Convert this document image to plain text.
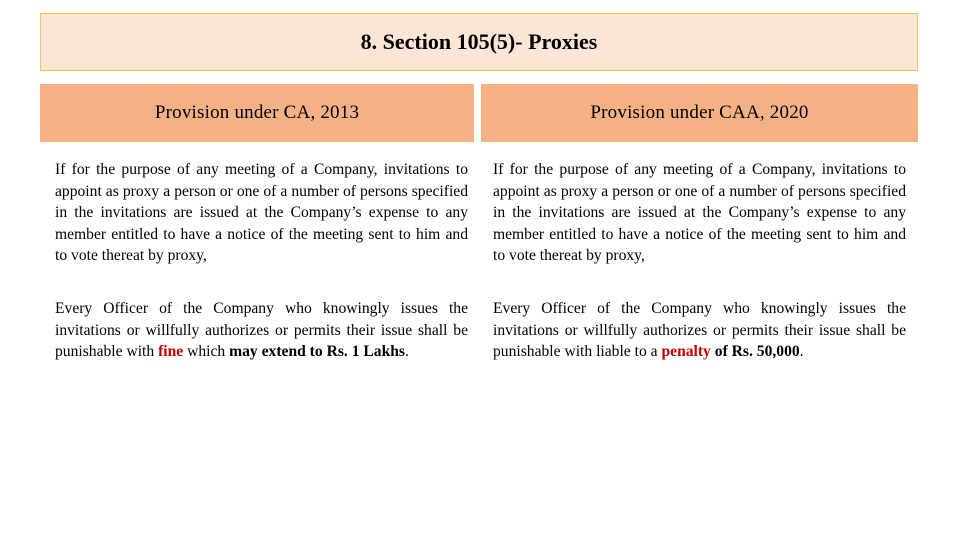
8. Section 105(5)- Proxies
Provision under CA, 2013	Provision under CAA, 2020
If for the purpose of any meeting of a Company, invitations to appoint as proxy a person or one of a number of persons specified in the invitations are issued at the Company’s expense to any member entitled to have a notice of the meeting sent to him and to vote thereat by proxy,
If for the purpose of any meeting of a Company, invitations to appoint as proxy a person or one of a number of persons specified in the invitations are issued at the Company’s expense to any member entitled to have a notice of the meeting sent to him and to vote thereat by proxy,
Every Officer of the Company who knowingly issues the invitations or willfully authorizes or permits their issue shall be punishable with fine which may extend to Rs. 1 Lakhs.
Every Officer of the Company who knowingly issues the invitations or willfully authorizes or permits their issue shall be punishable with liable to a penalty of Rs. 50,000.
